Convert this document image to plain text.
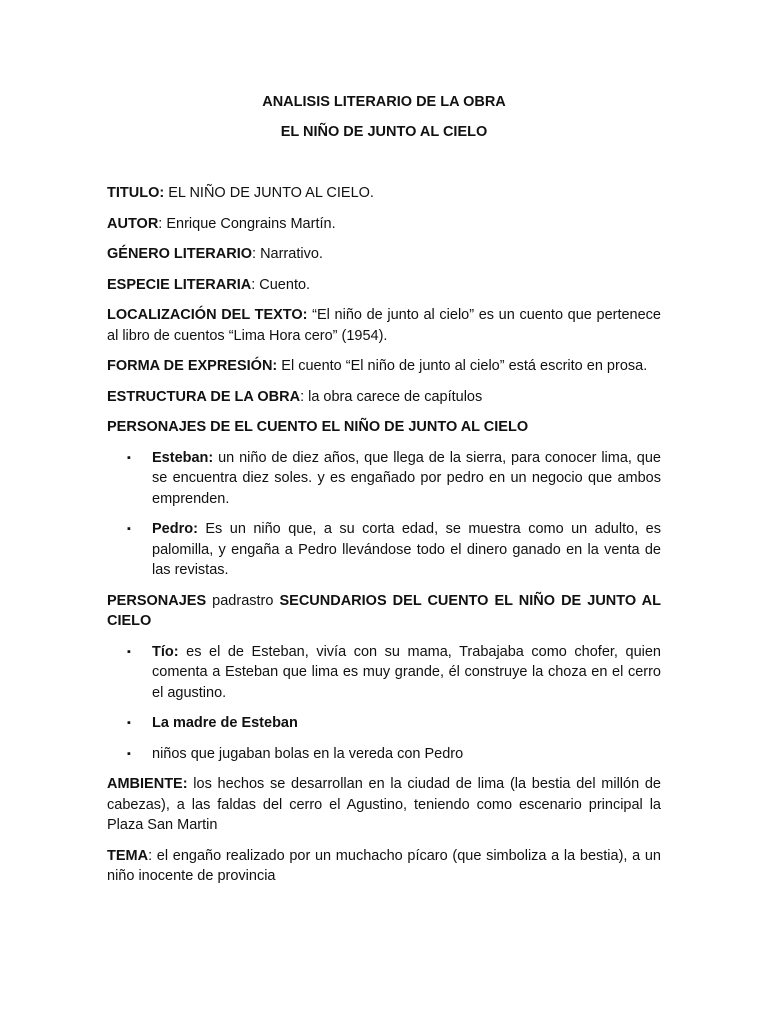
ANALISIS LITERARIO DE LA OBRA
EL NIÑO DE JUNTO AL CIELO

TITULO: EL NIÑO DE JUNTO AL CIELO.

AUTOR: Enrique Congrains Martín.

GÉNERO LITERARIO: Narrativo.

ESPECIE LITERARIA: Cuento.

LOCALIZACIÓN DEL TEXTO: “El niño de junto al cielo” es un cuento que pertenece al libro de cuentos “Lima Hora cero” (1954).

FORMA DE EXPRESIÓN: El cuento “El niño de junto al cielo” está escrito en prosa.

ESTRUCTURA DE LA OBRA: la obra carece de capítulos

PERSONAJES DE EL CUENTO EL NIÑO DE JUNTO AL CIELO

▪ Esteban: un niño de diez años, que llega de la sierra, para conocer lima, que se encuentra diez soles. y es engañado por pedro en un negocio que ambos emprenden.
▪ Pedro: Es un niño que, a su corta edad, se muestra como un adulto, es palomilla, y engaña a Pedro llevándose todo el dinero ganado en la venta de las revistas.

PERSONAJES padrastro SECUNDARIOS DEL CUENTO EL NIÑO DE JUNTO AL CIELO

▪ Tío: es el de Esteban, vivía con su mama, Trabajaba como chofer, quien comenta a Esteban que lima es muy grande, él construye la choza en el cerro el agustino.
▪ La madre de Esteban
▪ niños que jugaban bolas en la vereda con Pedro

AMBIENTE: los hechos se desarrollan en la ciudad de lima (la bestia del millón de cabezas), a las faldas del cerro el Agustino, teniendo como escenario principal la Plaza San Martin

TEMA: el engaño realizado por un muchacho pícaro (que simboliza a la bestia), a un niño inocente de provincia
